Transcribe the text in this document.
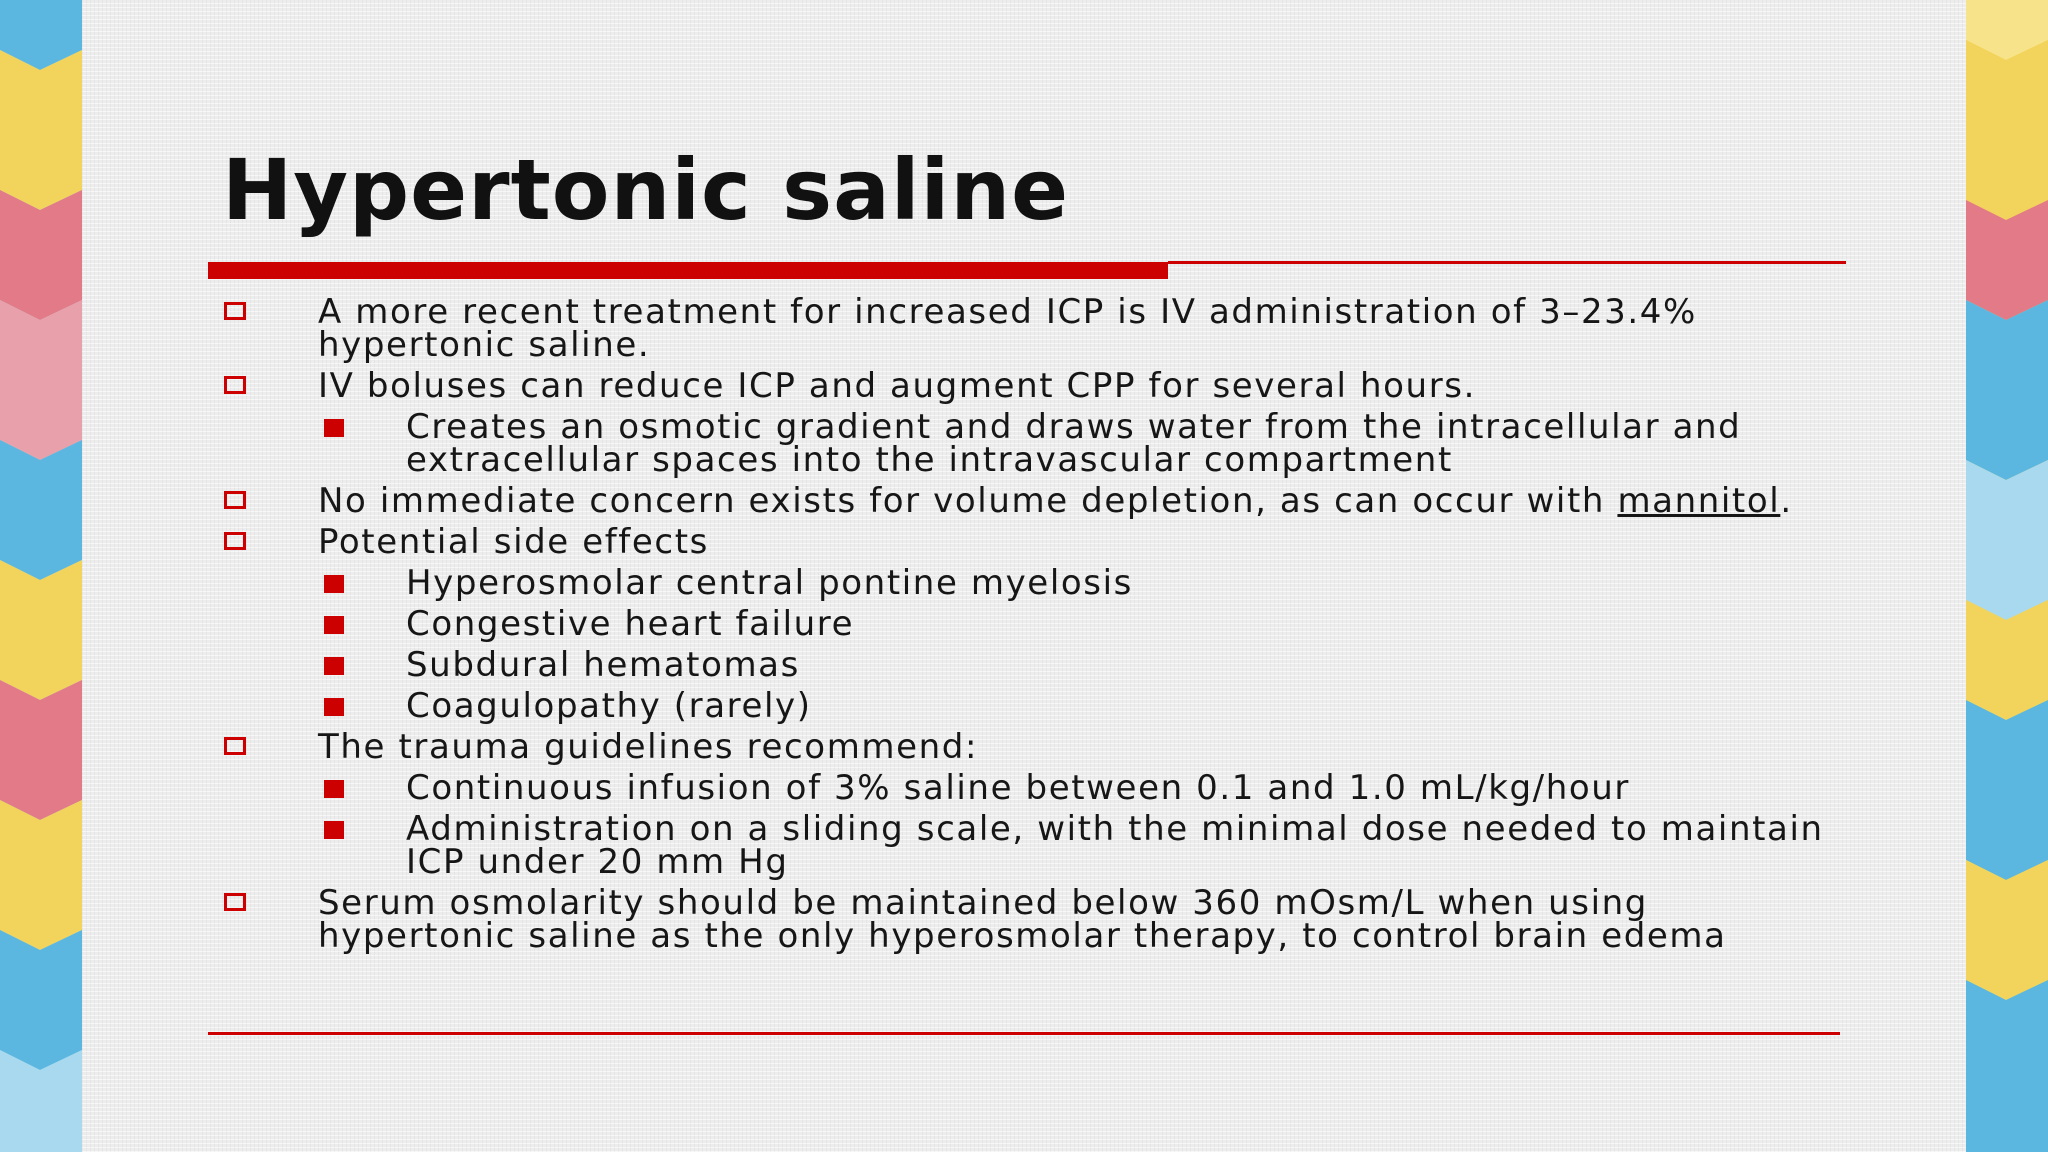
Hypertonic saline

A more recent treatment for increased ICP is IV administration of 3–23.4% hypertonic saline.

IV boluses can reduce ICP and augment CPP for several hours.

Creates an osmotic gradient and draws water from the intracellular and extracellular spaces into the intravascular compartment

No immediate concern exists for volume depletion, as can occur with mannitol.

Potential side effects

Hyperosmolar central pontine myelosis

Congestive heart failure

Subdural hematomas

Coagulopathy (rarely)

The trauma guidelines recommend:

Continuous infusion of 3% saline between 0.1 and 1.0 mL/kg/hour

Administration on a sliding scale, with the minimal dose needed to maintain ICP under 20 mm Hg

Serum osmolarity should be maintained below 360 mOsm/L when using hypertonic saline as the only hyperosmolar therapy, to control brain edema
